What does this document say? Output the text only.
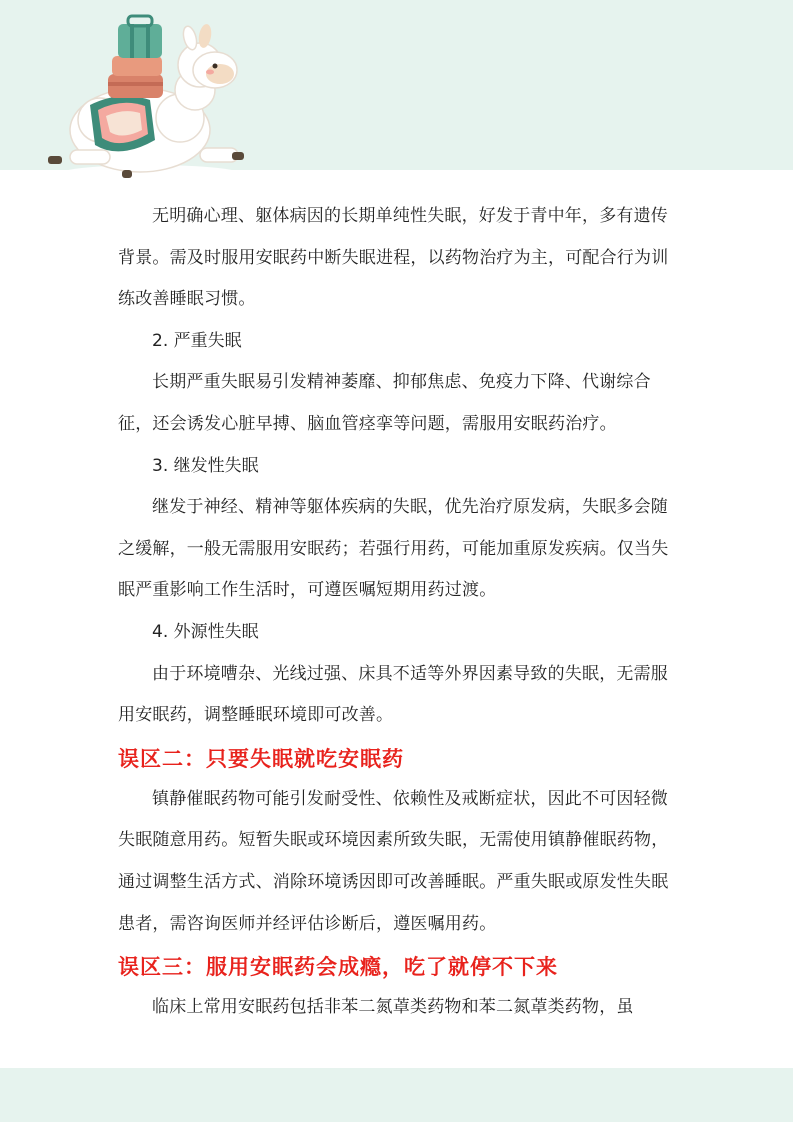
无明确心理、躯体病因的长期单纯性失眠，好发于青中年，多有遗传背景。需及时服用安眠药中断失眠进程，以药物治疗为主，可配合行为训练改善睡眠习惯。

2. 严重失眠

长期严重失眠易引发精神萎靡、抑郁焦虑、免疫力下降、代谢综合征，还会诱发心脏早搏、脑血管痉挛等问题，需服用安眠药治疗。

3. 继发性失眠

继发于神经、精神等躯体疾病的失眠，优先治疗原发病，失眠多会随之缓解，一般无需服用安眠药；若强行用药，可能加重原发疾病。仅当失眠严重影响工作生活时，可遵医嘱短期用药过渡。

4. 外源性失眠

由于环境嘈杂、光线过强、床具不适等外界因素导致的失眠，无需服用安眠药，调整睡眠环境即可改善。

误区二：只要失眠就吃安眠药

镇静催眠药物可能引发耐受性、依赖性及戒断症状，因此不可因轻微失眠随意用药。短暂失眠或环境因素所致失眠，无需使用镇静催眠药物，通过调整生活方式、消除环境诱因即可改善睡眠。严重失眠或原发性失眠患者，需咨询医师并经评估诊断后，遵医嘱用药。

误区三：服用安眠药会成瘾，吃了就停不下来

临床上常用安眠药包括非苯二氮䓬类药物和苯二氮䓬类药物，虽
